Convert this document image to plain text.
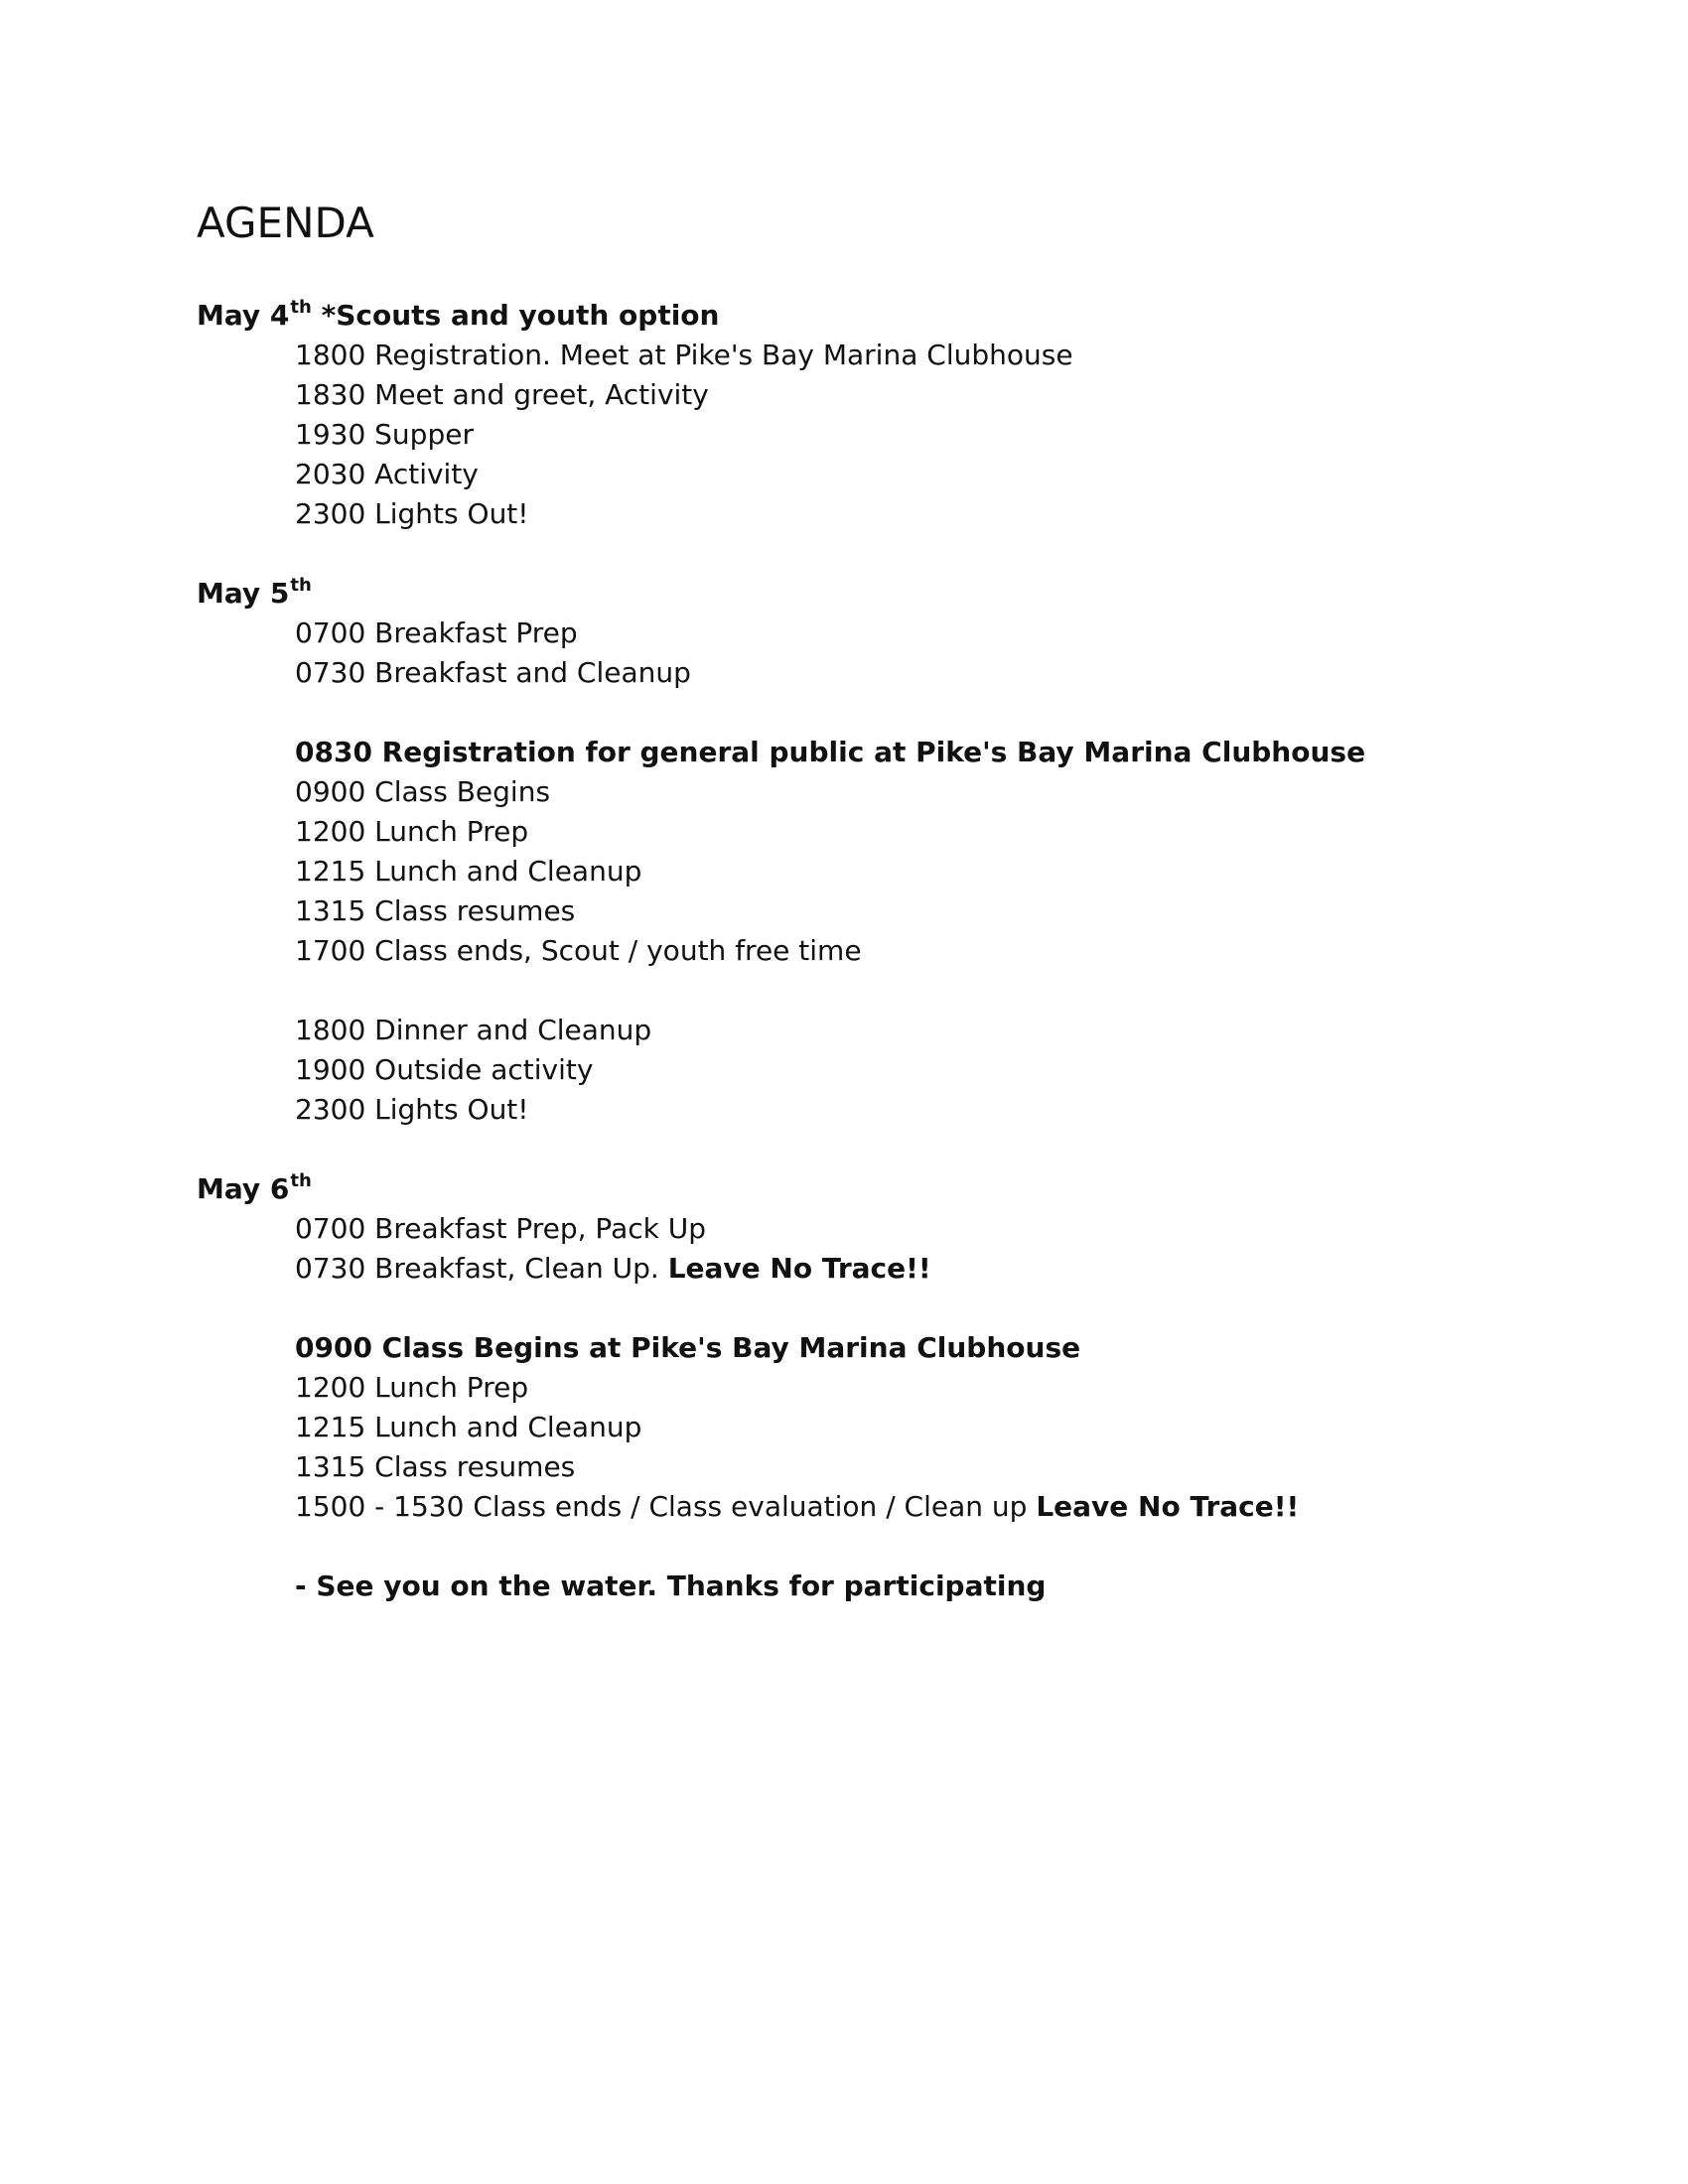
AGENDA
May 4th *Scouts and youth option
1800 Registration. Meet at Pike's Bay Marina Clubhouse
1830 Meet and greet, Activity
1930 Supper
2030 Activity
2300 Lights Out!
May 5th
0700 Breakfast Prep
0730 Breakfast and Cleanup
0830 Registration for general public at Pike's Bay Marina Clubhouse
0900 Class Begins
1200 Lunch Prep
1215 Lunch and Cleanup
1315 Class resumes
1700 Class ends, Scout / youth free time
1800 Dinner and Cleanup
1900 Outside activity
2300 Lights Out!
May 6th
0700 Breakfast Prep, Pack Up
0730 Breakfast, Clean Up. Leave No Trace!!
0900 Class Begins at Pike's Bay Marina Clubhouse
1200 Lunch Prep
1215 Lunch and Cleanup
1315 Class resumes
1500 - 1530 Class ends / Class evaluation / Clean up Leave No Trace!!
- See you on the water. Thanks for participating
